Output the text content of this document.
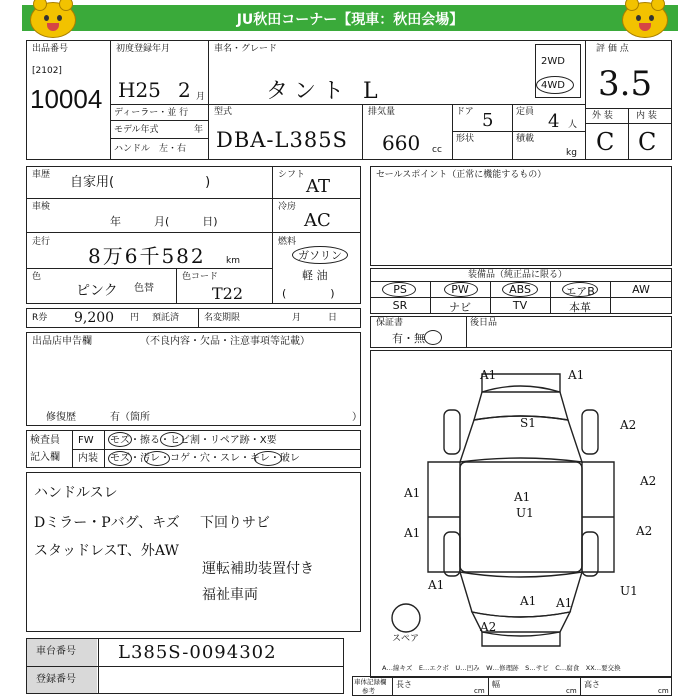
JU秋田コーナー【現車：秋田会場】
出品番号
[2102]
10004
初度登録年月
H25 2 月
車名・グレード
タント L
2WD
4WD
評 価 点
3.5
外 装	内 装
C C
ディーラー・並 行
モデル年式	年
ハンドル　左・右
型式
DBA-L385S
排気量
660 cc
ドア 5	定員 4 人
形状	積載
kg
車歴 自家用(　　　　　　　)
車検
年　　　月(　　　日)
走行
8万6千582 km
色
ピンク 色替
色コード
T22
シフト
AT
冷房
AC
燃料
ガソリン
軽 油
(　　　　)
R券 9,200 円 預託済	名変期限	月　　　日
セールスポイント（正常に機能するもの）
装備品（純正品に限る）
PS	PW	ABS	エアB	AW
SR	ナビ	TV	本革
保証書
有・無
後日品
出品店申告欄	（不良内容・欠品・注意事項等記載）
修復歴	有（箇所	）
検査員
記入欄
FW モズ・擦る・ヒビ割・リペア跡・X要
内装 モズ・汚レ・コゲ・穴・スレ・キレ・破レ
ハンドルスレ
Dミラー・Pバグ、キズ
スタッドレスT、外AW
下回りサビ
運転補助装置付き
福祉車両
A1	A1
S1	A2
A2
A1	A1
U1
A1	A2
A1
A1
U1
A1
A2
スペア
A…線キズ　E…エクボ　U…凹み　W…修理跡　S…サビ　C…腐食　XX…要交換
車体記録欄
参考
長さ
cm
幅
cm
高さ
cm
車台番号 L385S-0094302
登録番号
